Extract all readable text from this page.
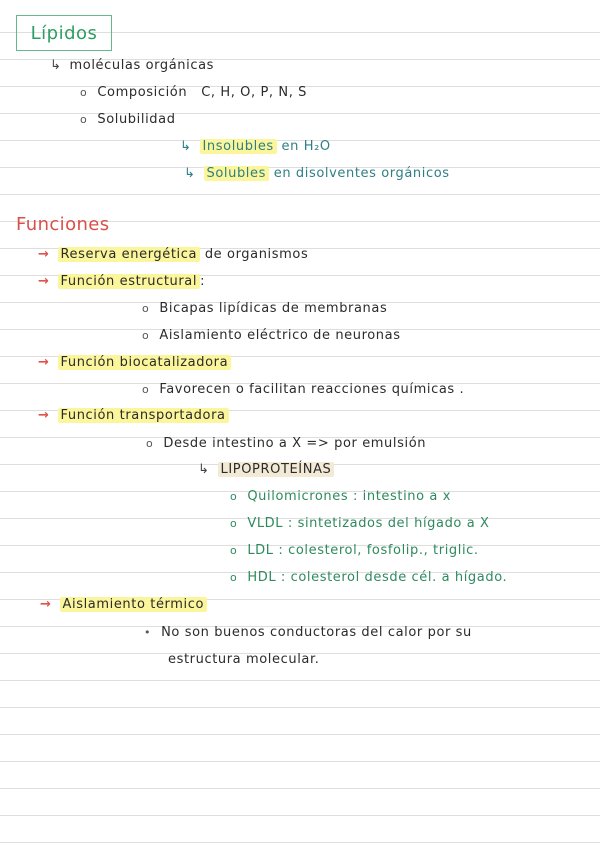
Lípidos
↳ moléculas orgánicas
o Composición C, H, O, P, N, S
o Solubilidad
↳ Insolubles en H₂O
↳ Solubles en disolventes orgánicos
Funciones
→ Reserva energética de organismos
→ Función estructural :
o Bicapas lipídicas de membranas
o Aislamiento eléctrico de neuronas
→ Función biocatalizadora
o Favorecen o facilitan reacciones químicas .
→ Función transportadora
o Desde intestino a X => por emulsión
↳ LIPOPROTEÍNAS
o Quilomicrones : intestino a x
o VLDL : sintetizados del hígado a X
o LDL : colesterol, fosfolip., triglic.
o HDL : colesterol desde cél. a hígado.
→ Aislamiento térmico
• No son buenos conductoras del calor por su
estructura molecular.
